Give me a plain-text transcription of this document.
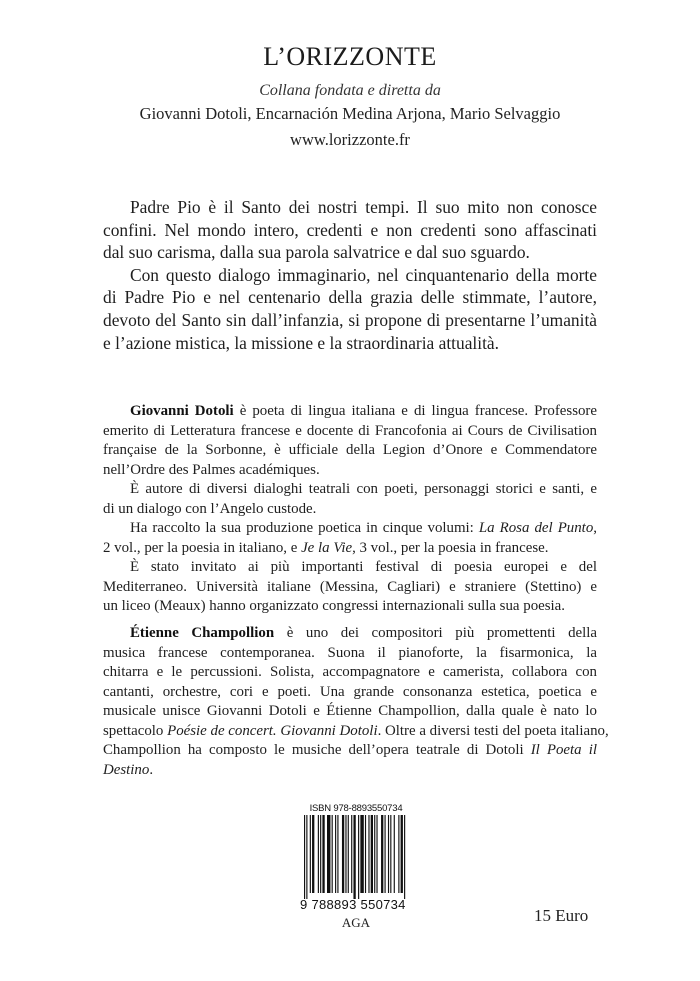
L’ORIZZONTE
Collana fondata e diretta da
Giovanni Dotoli, Encarnación Medina Arjona, Mario Selvaggio
www.lorizzonte.fr
Padre Pio è il Santo dei nostri tempi. Il suo mito non conosce
confini. Nel mondo intero, credenti e non credenti sono affascinati
dal suo carisma, dalla sua parola salvatrice e dal suo sguardo.
Con questo dialogo immaginario, nel cinquantenario della morte
di Padre Pio e nel centenario della grazia delle stimmate, l’autore,
devoto del Santo sin dall’infanzia, si propone di presentarne l’umanità
e l’azione mistica, la missione e la straordinaria attualità.
Giovanni Dotoli è poeta di lingua italiana e di lingua francese. Professore
emerito di Letteratura francese e docente di Francofonia ai Cours de Civilisation
française de la Sorbonne, è ufficiale della Legion d’Onore e Commendatore
nell’Ordre des Palmes académiques.
È autore di diversi dialoghi teatrali con poeti, personaggi storici e santi, e
di un dialogo con l’Angelo custode.
Ha raccolto la sua produzione poetica in cinque volumi: La Rosa del Punto,
2 vol., per la poesia in italiano, e Je la Vie, 3 vol., per la poesia in francese.
È stato invitato ai più importanti festival di poesia europei e del
Mediterraneo. Università italiane (Messina, Cagliari) e straniere (Stettino) e
un liceo (Meaux) hanno organizzato congressi internazionali sulla sua poesia.
Étienne Champollion è uno dei compositori più promettenti della
musica francese contemporanea. Suona il pianoforte, la fisarmonica, la
chitarra e le percussioni. Solista, accompagnatore e camerista, collabora con
cantanti, orchestre, cori e poeti. Una grande consonanza estetica, poetica e
musicale unisce Giovanni Dotoli e Étienne Champollion, dalla quale è nato lo
spettacolo Poésie de concert. Giovanni Dotoli. Oltre a diversi testi del poeta italiano,
Champollion ha composto le musiche dell’opera teatrale di Dotoli Il Poeta il
Destino.
ISBN 978-8893550734
9 788893 550734
AGA	15 Euro
